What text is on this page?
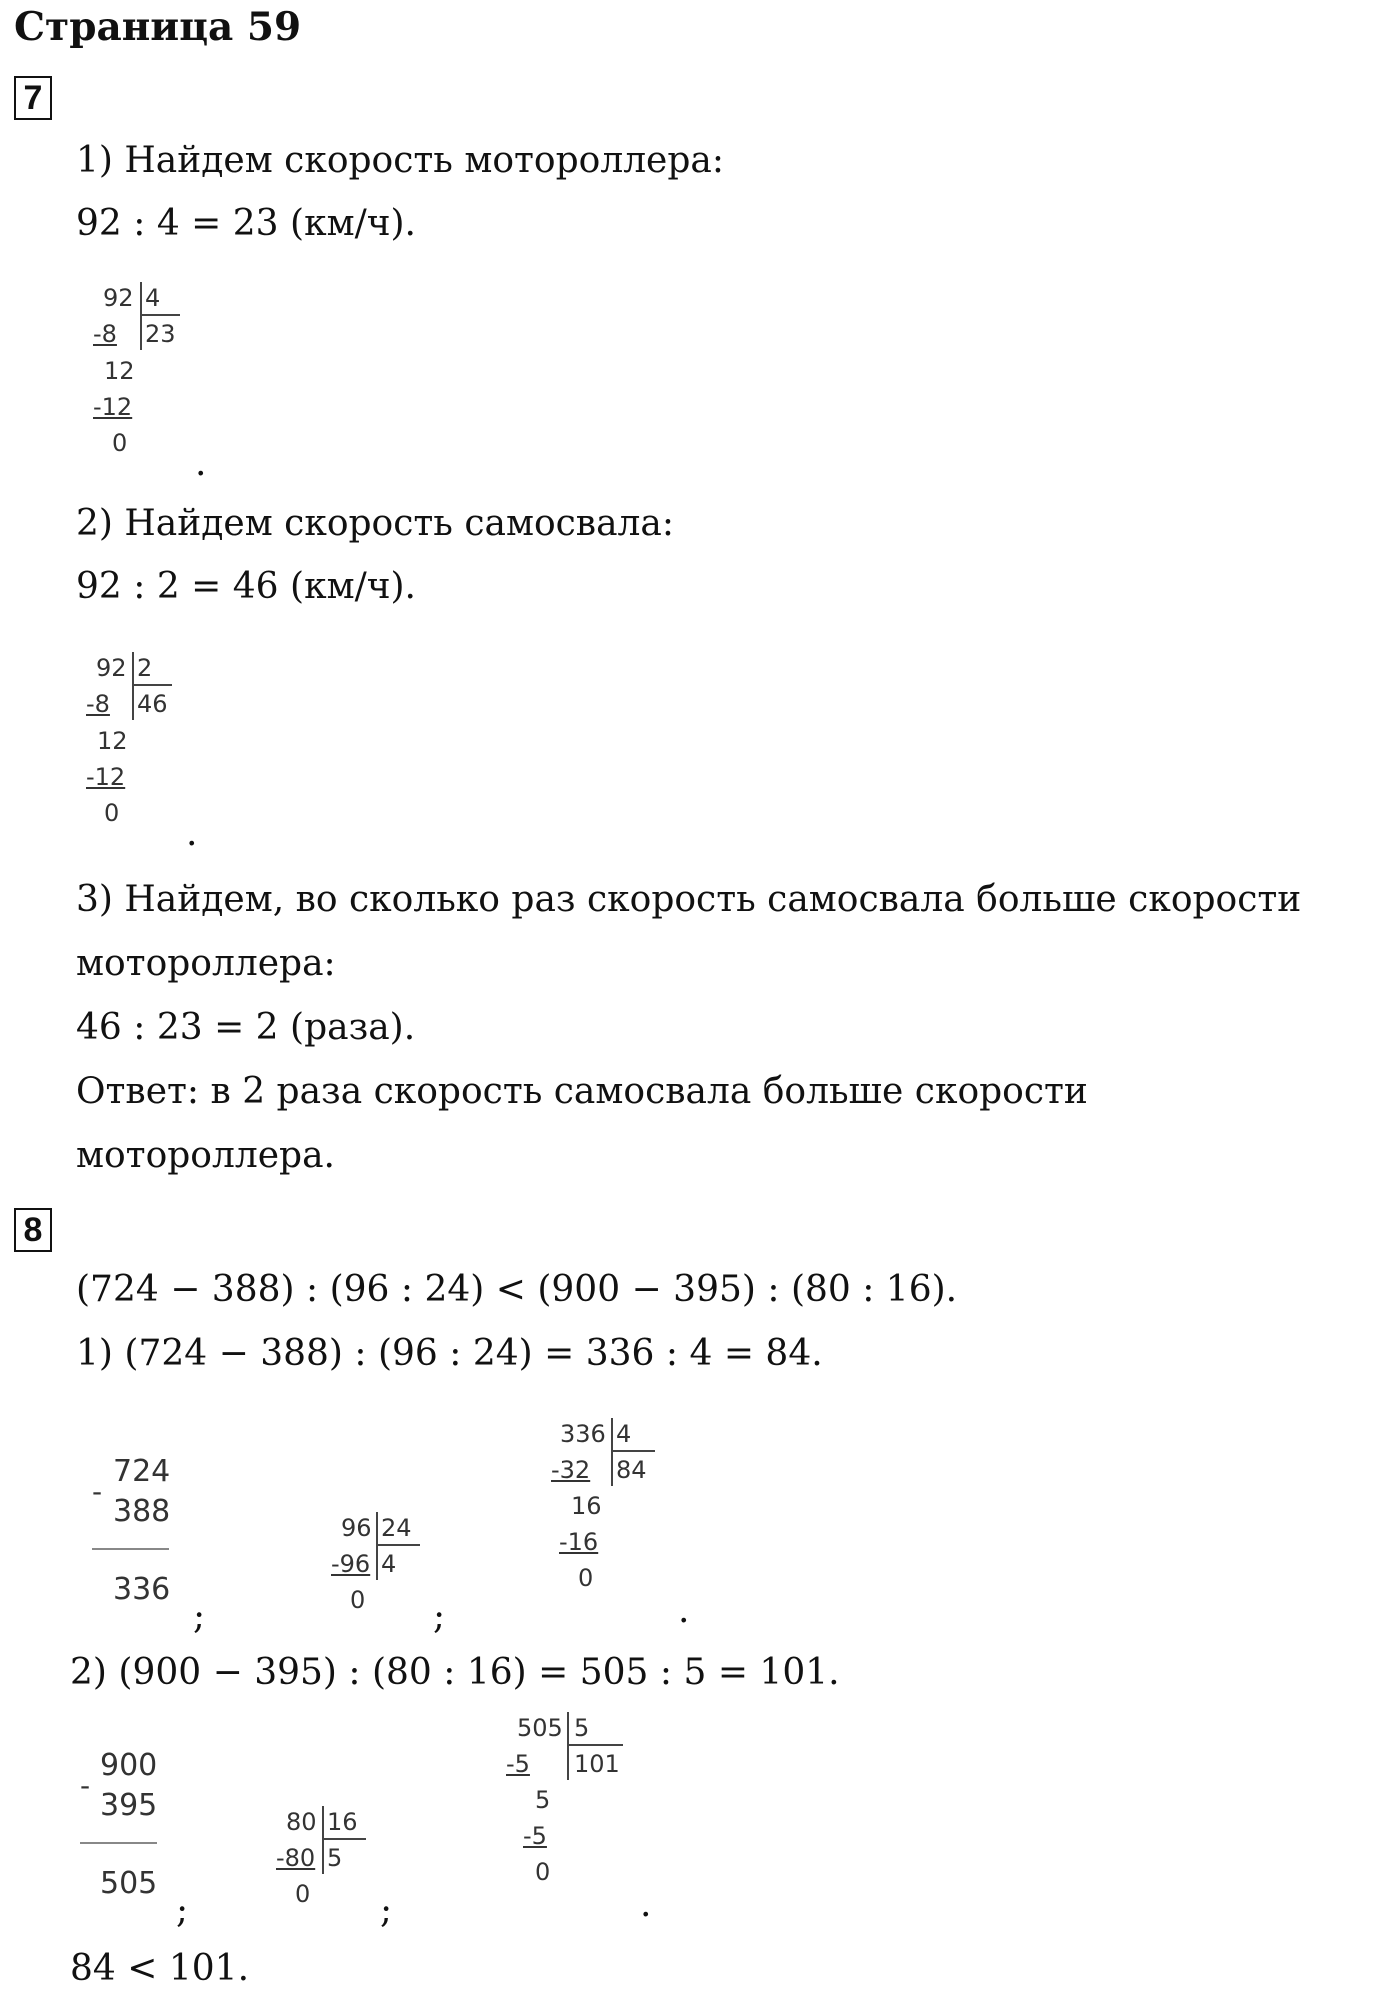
Страница 59
7
1) Найдем скорость мотороллера:
92 : 4 = 23 (км/ч).
92 4
23
-8
12
-12
0 .
2) Найдем скорость самосвала:
92 : 2 = 46 (км/ч).
92 2
46
-8
12
-12
0 .
3) Найдем, во сколько раз скорость самосвала больше скорости
мотороллера:
46 : 23 = 2 (раза).
Ответ: в 2 раза скорость самосвала больше скорости
мотороллера.
8
(724 − 388) : (96 : 24) < (900 − 395) : (80 : 16).
1) (724 − 388) : (96 : 24) = 336 : 4 = 84.
-
724
388
336
;
96 24
4
-96
0 ;
336 4
84
-32
16
-16
0
.
2) (900 − 395) : (80 : 16) = 505 : 5 = 101.
-
900
395
505
;
80 16
5
-80
0 ;
505 5
101
-5
5
-5
0
.
84 < 101.
